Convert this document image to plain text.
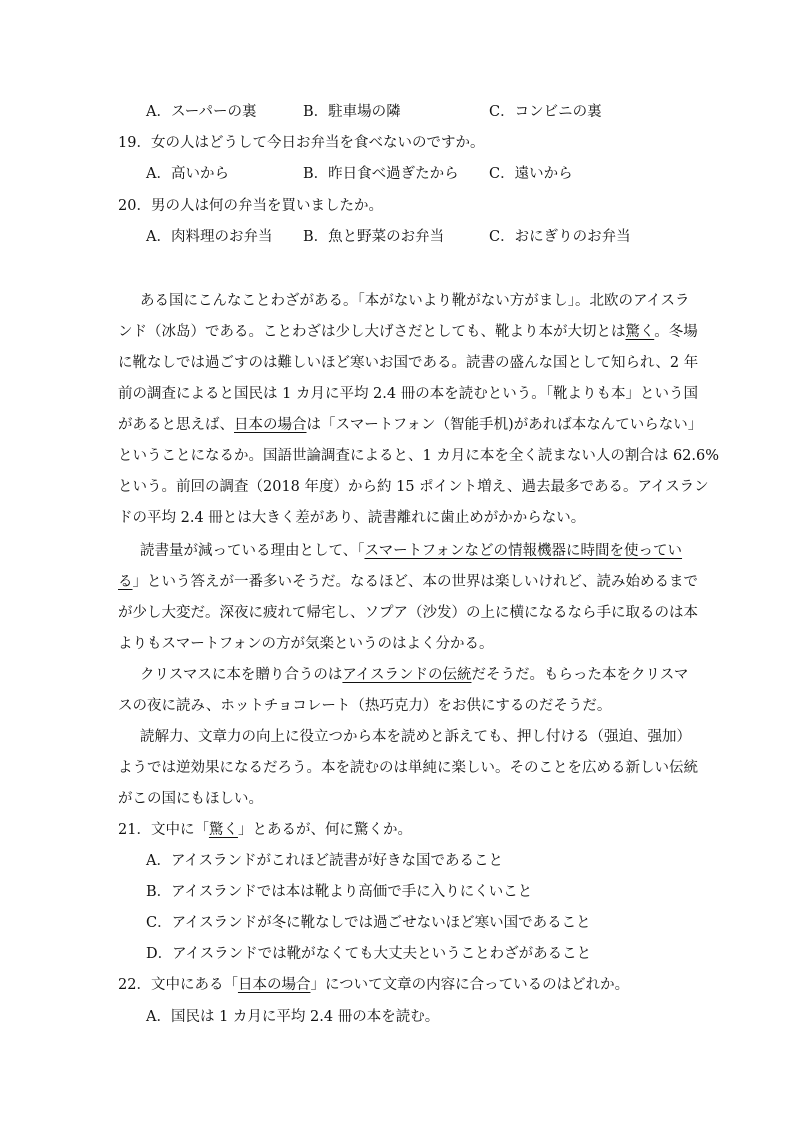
A．スーパーの裏	B．駐車場の隣	C．コンビニの裏
19．女の人はどうして今日お弁当を食べないのですか。
A．高いから	B．昨日食べ過ぎたから C．遠いから
20．男の人は何の弁当を買いましたか。
A．肉料理のお弁当 B．魚と野菜のお弁当	C．おにぎりのお弁当
ある国にこんなことわざがある。「本がないより靴がない方がまし」。北欧のアイスラ
ンド（冰岛）である。ことわざは少し大げさだとしても、靴より本が大切とは驚く。冬場
に靴なしでは過ごすのは難しいほど寒いお国である。読書の盛んな国として知られ、2 年
前の調査によると国民は 1 カ月に平均 2.4 冊の本を読むという。「靴よりも本」という国
があると思えば、日本の場合は「スマートフォン（智能手机)があれば本なんていらない」
ということになるか。国語世論調査によると、1 カ月に本を全く読まない人の割合は 62.6%
という。前回の調査（2018 年度）から約 15 ポイント増え、過去最多である。アイスラン
ドの平均 2.4 冊とは大きく差があり、読書離れに歯止めがかからない。
読書量が減っている理由として、「スマートフォンなどの情報機器に時間を使ってい
る」という答えが一番多いそうだ。なるほど、本の世界は楽しいけれど、読み始めるまで
が少し大変だ。深夜に疲れて帰宅し、ソプア（沙发）の上に横になるなら手に取るのは本
よりもスマートフォンの方が気楽というのはよく分かる。
クリスマスに本を贈り合うのはアイスランドの伝統だそうだ。もらった本をクリスマ
スの夜に読み、ホットチョコレート（热巧克力）をお供にするのだそうだ。
読解力、文章力の向上に役立つから本を読めと訴えても、押し付ける（强迫、强加）
ようでは逆効果になるだろう。本を読むのは単純に楽しい。そのことを広める新しい伝統
がこの国にもほしい。
21．文中に「驚く」とあるが、何に驚くか。
A．アイスランドがこれほど読書が好きな国であること
B．アイスランドでは本は靴より高価で手に入りにくいこと
C．アイスランドが冬に靴なしでは過ごせないほど寒い国であること
D．アイスランドでは靴がなくても大丈夫ということわざがあること
22．文中にある「日本の場合」について文章の内容に合っているのはどれか。
A．国民は 1 カ月に平均 2.4 冊の本を読む。
